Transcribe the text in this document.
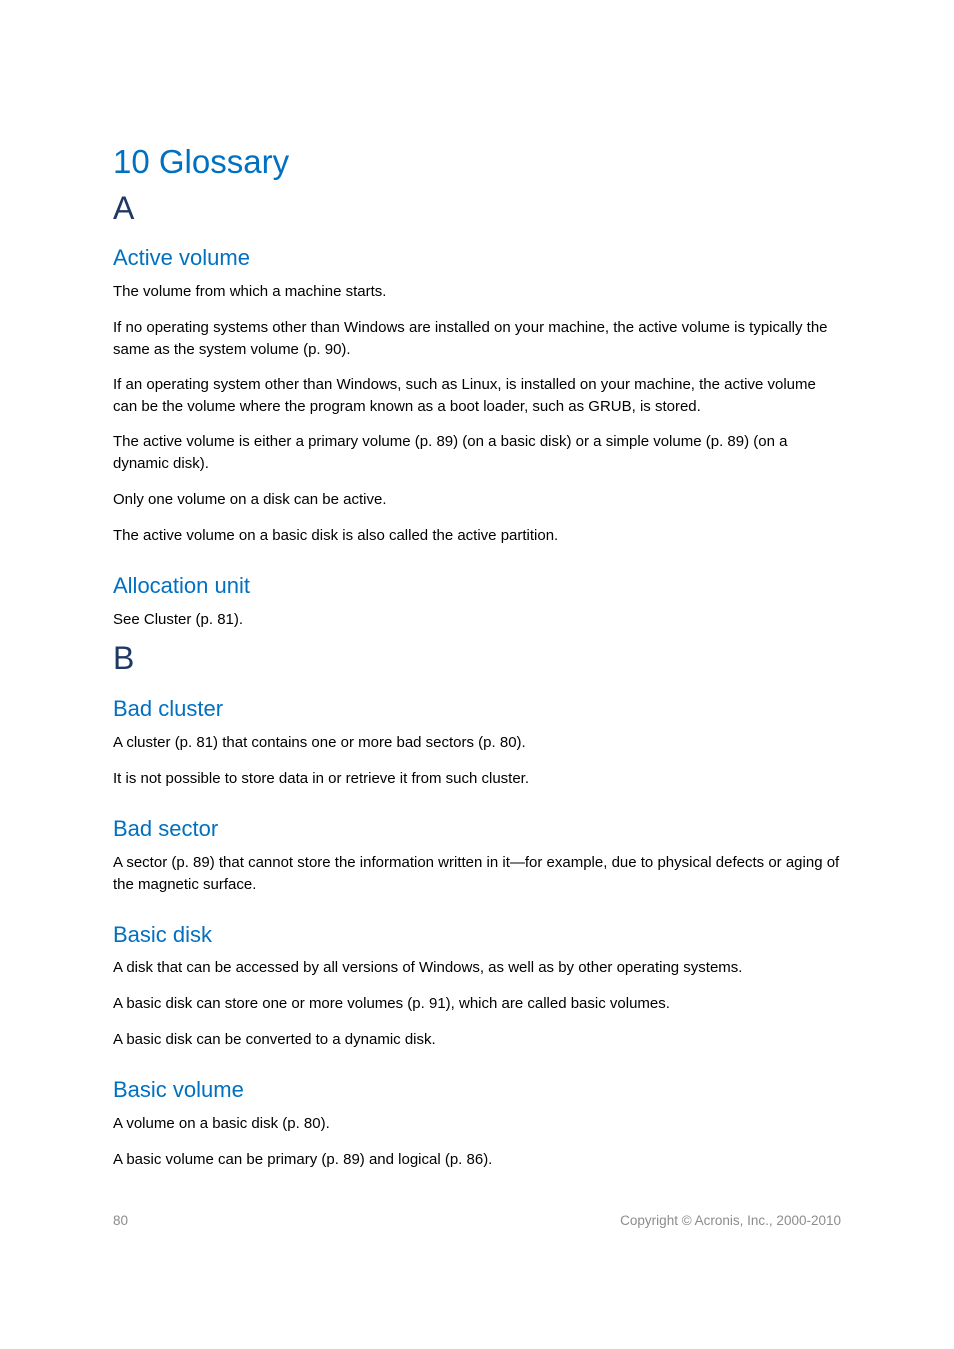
10 Glossary
A
Active volume

The volume from which a machine starts.

If no operating systems other than Windows are installed on your machine, the active volume is typically the same as the system volume (p. 90).

If an operating system other than Windows, such as Linux, is installed on your machine, the active volume can be the volume where the program known as a boot loader, such as GRUB, is stored.

The active volume is either a primary volume (p. 89) (on a basic disk) or a simple volume (p. 89) (on a dynamic disk).

Only one volume on a disk can be active.

The active volume on a basic disk is also called the active partition.

Allocation unit

See Cluster (p. 81).

B
Bad cluster

A cluster (p. 81) that contains one or more bad sectors (p. 80).

It is not possible to store data in or retrieve it from such cluster.

Bad sector

A sector (p. 89) that cannot store the information written in it—for example, due to physical defects or aging of the magnetic surface.

Basic disk

A disk that can be accessed by all versions of Windows, as well as by other operating systems.

A basic disk can store one or more volumes (p. 91), which are called basic volumes.

A basic disk can be converted to a dynamic disk.

Basic volume

A volume on a basic disk (p. 80).

A basic volume can be primary (p. 89) and logical (p. 86).

80	Copyright © Acronis, Inc., 2000-2010
